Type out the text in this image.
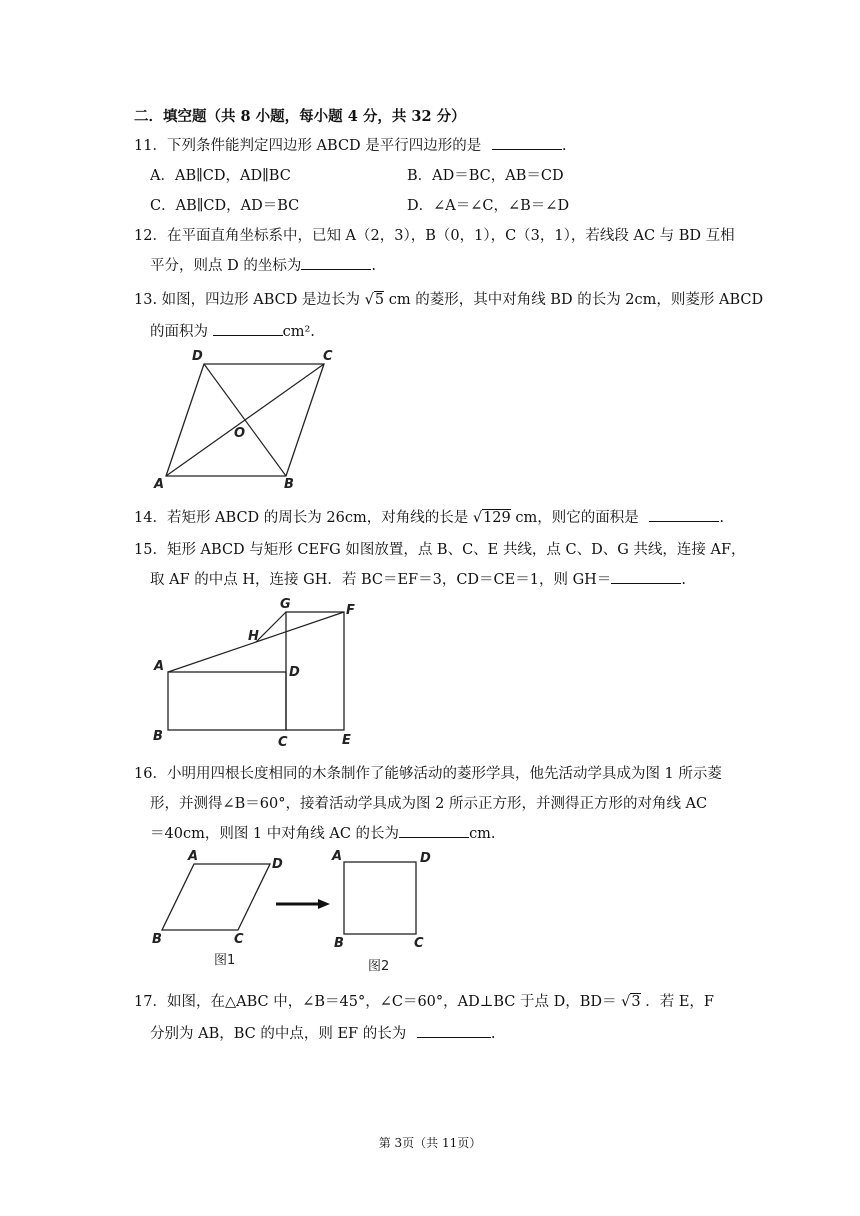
二．填空题（共 8 小题，每小题 4 分，共 32 分）
11．下列条件能判定四边形 ABCD 是平行四边形的是	.
A．AB∥CD，AD∥BC	B．AD＝BC，AB＝CD
C．AB∥CD，AD＝BC	D．∠A＝∠C，∠B＝∠D
12．在平面直角坐标系中，已知 A（2，3），B（0，1），C（3，1），若线段 AC 与 BD 互相
平分，则点 D 的坐标为	.
13. 如图，四边形 ABCD 是边长为 √5 cm 的菱形，其中对角线 BD 的长为 2cm，则菱形 ABCD
的面积为	cm².
A	B
C
D
O
14．若矩形 ABCD 的周长为 26cm，对角线的长是 √129 cm，则它的面积是	.
15．矩形 ABCD 与矩形 CEFG 如图放置，点 B、C、E 共线，点 C、D、G 共线，连接 AF，
取 AF 的中点 H，连接 GH．若 BC＝EF＝3，CD＝CE＝1，则 GH＝	.
A
B	C
D
E
F
G
H
16．小明用四根长度相同的木条制作了能够活动的菱形学具，他先活动学具成为图 1 所示菱
形，并测得∠B＝60°，接着活动学具成为图 2 所示正方形，并测得正方形的对角线 AC
＝40cm，则图 1 中对角线 AC 的长为	cm.
A
B	C
D
图1
A
B	C
D
图2
17．如图，在△ABC 中，∠B＝45°，∠C＝60°，AD⊥BC 于点 D，BD＝ √3 ．若 E，F
分别为 AB，BC 的中点，则 EF 的长为	.
第 3页（共 11页）
